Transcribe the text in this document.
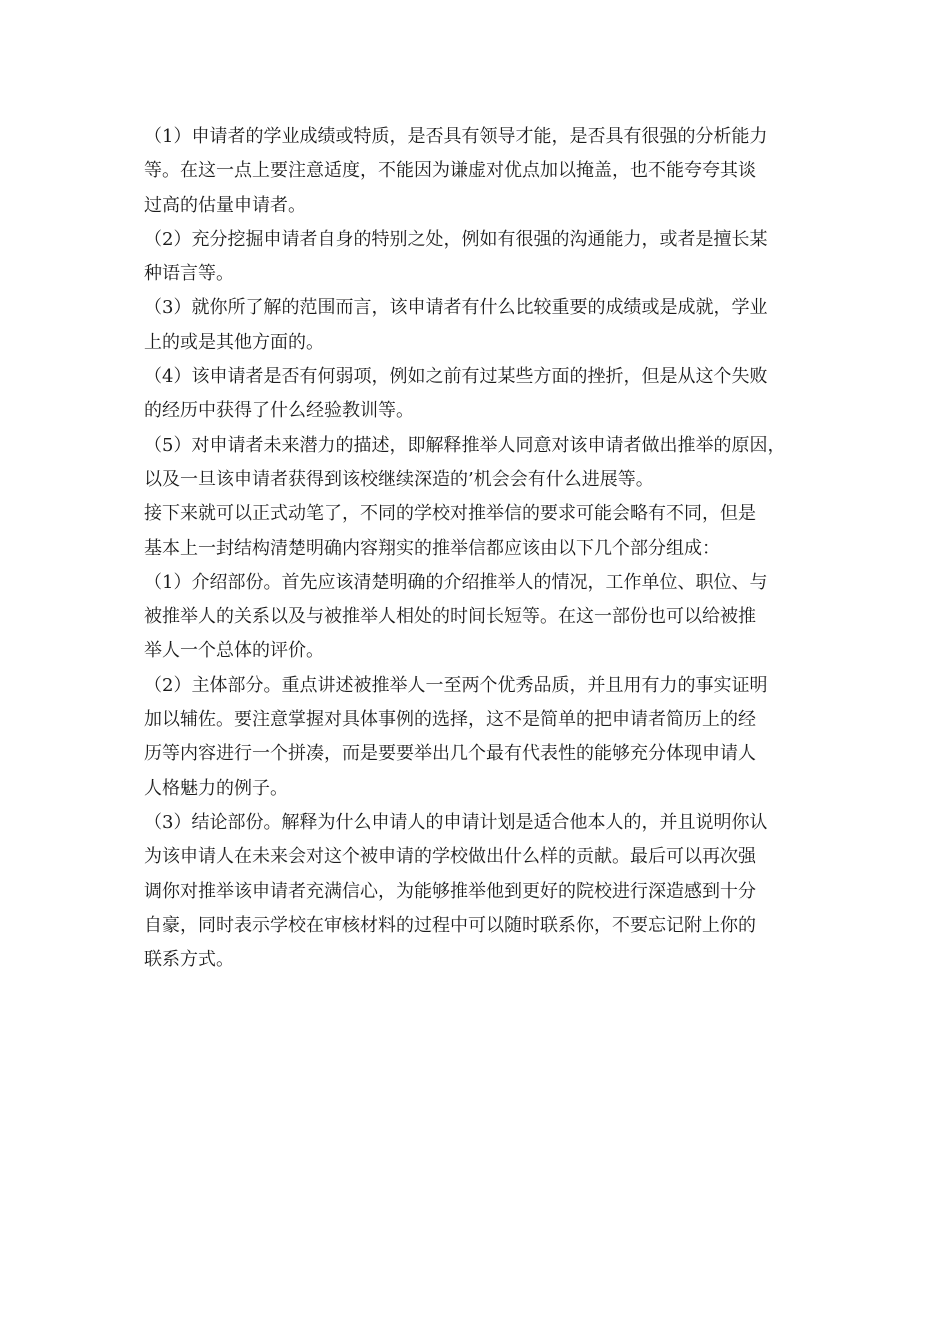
（1）申请者的学业成绩或特质，是否具有领导才能，是否具有很强的分析能力

等。在这一点上要注意适度，不能因为谦虚对优点加以掩盖，也不能夸夸其谈

过高的估量申请者。

（2）充分挖掘申请者自身的特别之处，例如有很强的沟通能力，或者是擅长某

种语言等。

（3）就你所了解的范围而言，该申请者有什么比较重要的成绩或是成就，学业

上的或是其他方面的。

（4）该申请者是否有何弱项，例如之前有过某些方面的挫折，但是从这个失败

的经历中获得了什么经验教训等。

（5）对申请者未来潜力的描述，即解释推举人同意对该申请者做出推举的原因，

以及一旦该申请者获得到该校继续深造的’机会会有什么进展等。

接下来就可以正式动笔了，不同的学校对推举信的要求可能会略有不同，但是

基本上一封结构清楚明确内容翔实的推举信都应该由以下几个部分组成：

（1）介绍部份。首先应该清楚明确的介绍推举人的情况，工作单位、职位、与

被推举人的关系以及与被推举人相处的时间长短等。在这一部份也可以给被推

举人一个总体的评价。

（2）主体部分。重点讲述被推举人一至两个优秀品质，并且用有力的事实证明

加以辅佐。要注意掌握对具体事例的选择，这不是简单的把申请者简历上的经

历等内容进行一个拼凑，而是要要举出几个最有代表性的能够充分体现申请人

人格魅力的例子。

（3）结论部份。解释为什么申请人的申请计划是适合他本人的，并且说明你认

为该申请人在未来会对这个被申请的学校做出什么样的贡献。最后可以再次强

调你对推举该申请者充满信心，为能够推举他到更好的院校进行深造感到十分

自豪，同时表示学校在审核材料的过程中可以随时联系你，不要忘记附上你的

联系方式。
